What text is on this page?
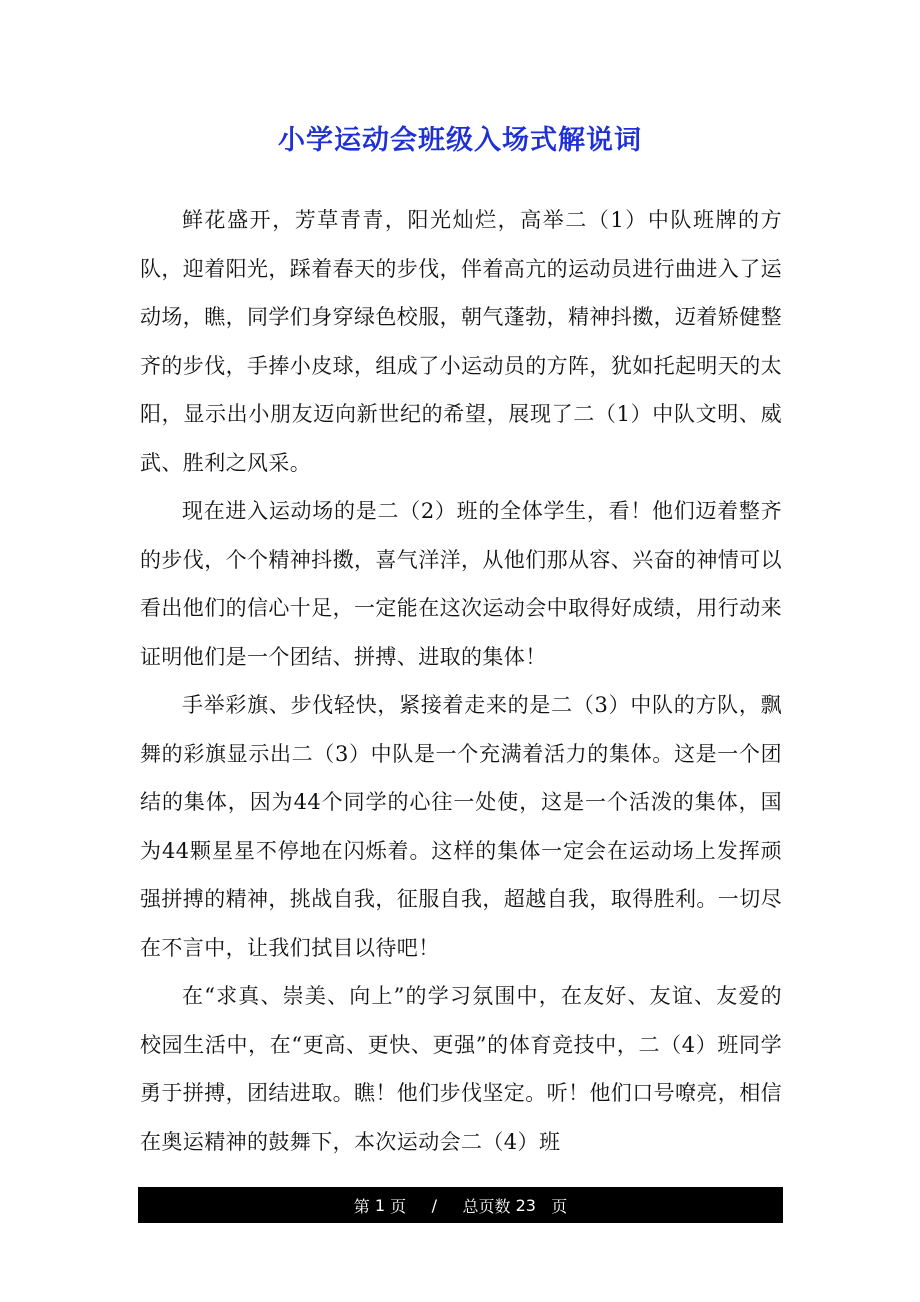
小学运动会班级入场式解说词

鲜花盛开，芳草青青，阳光灿烂，高举二（1）中队班牌的方队，迎着阳光，踩着春天的步伐，伴着高亢的运动员进行曲进入了运动场，瞧，同学们身穿绿色校服，朝气蓬勃，精神抖擞，迈着矫健整齐的步伐，手捧小皮球，组成了小运动员的方阵，犹如托起明天的太阳，显示出小朋友迈向新世纪的希望，展现了二（1）中队文明、威武、胜利之风采。

现在进入运动场的是二（2）班的全体学生，看！他们迈着整齐的步伐，个个精神抖擞，喜气洋洋，从他们那从容、兴奋的神情可以看出他们的信心十足，一定能在这次运动会中取得好成绩，用行动来证明他们是一个团结、拼搏、进取的集体！

手举彩旗、步伐轻快，紧接着走来的是二（3）中队的方队，飘舞的彩旗显示出二（3）中队是一个充满着活力的集体。这是一个团结的集体，因为44个同学的心往一处使，这是一个活泼的集体，国为44颗星星不停地在闪烁着。这样的集体一定会在运动场上发挥顽强拼搏的精神，挑战自我，征服自我，超越自我，取得胜利。一切尽在不言中，让我们拭目以待吧！

在“求真、崇美、向上”的学习氛围中，在友好、友谊、友爱的校园生活中，在“更高、更快、更强”的体育竞技中，二（4）班同学勇于拼搏，团结进取。瞧！他们步伐坚定。听！他们口号嘹亮，相信在奥运精神的鼓舞下，本次运动会二（4）班

第
1
页
/
总页数
23
页
